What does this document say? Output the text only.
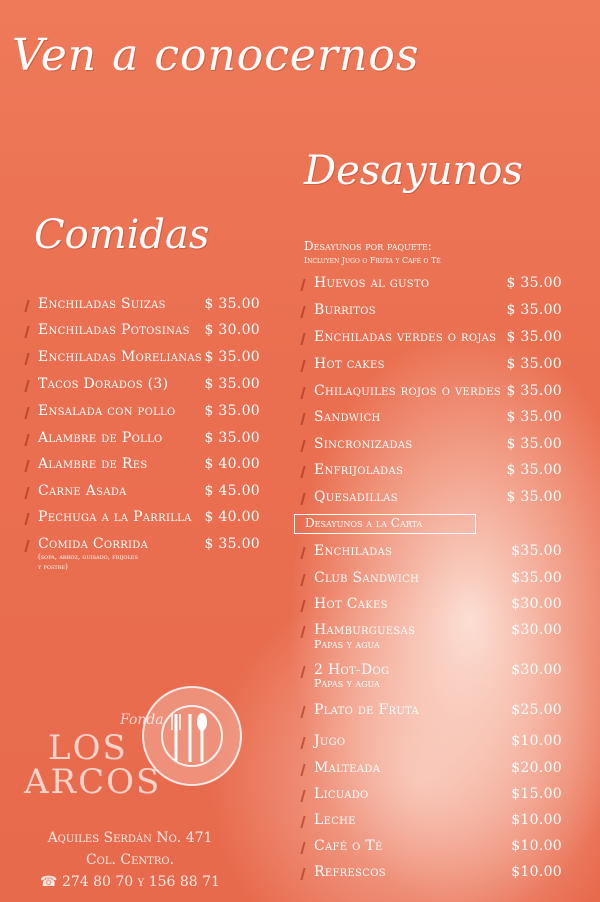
Ven a conocernos
Desayunos
Comidas
Enchiladas Suizas	$ 35.00
Enchiladas Potosinas $ 30.00
Enchiladas Morelianas $ 35.00
Tacos Dorados (3)	$ 35.00
Ensalada con pollo $ 35.00
Alambre de Pollo	$ 35.00
Alambre de Res	$ 40.00
Carne Asada	$ 45.00
Pechuga a la Parrilla $ 40.00
Comida Corrida	$ 35.00
(sopa, arroz, guisado, frijoles
y postre)
Desayunos por paquete:
Incluyen Jugo o Fruta y Café o Té
Huevos al gusto	$ 35.00
Burritos	$ 35.00
Enchiladas verdes o rojas $ 35.00
Hot cakes	$ 35.00
Chilaquiles rojos o verdes $ 35.00
Sandwich	$ 35.00
Sincronizadas	$ 35.00
Enfrijoladas	$ 35.00
Quesadillas	$ 35.00
Desayunos a la Carta
Enchiladas	$35.00
Club Sandwich	$35.00
Hot Cakes	$30.00
Hamburguesas	$30.00
Papas y agua
2 Hot-Dog	$30.00
Papas y agua
Plato de Fruta	$25.00
Jugo	$10.00
Malteada	$20.00
Licuado	$15.00
Leche	$10.00
Café o Té	$10.00
Refrescos	$10.00
Fonda
LOS
ARCOS
Aquiles Serdán No. 471
Col. Centro.
☎ 274 80 70 y 156 88 71
